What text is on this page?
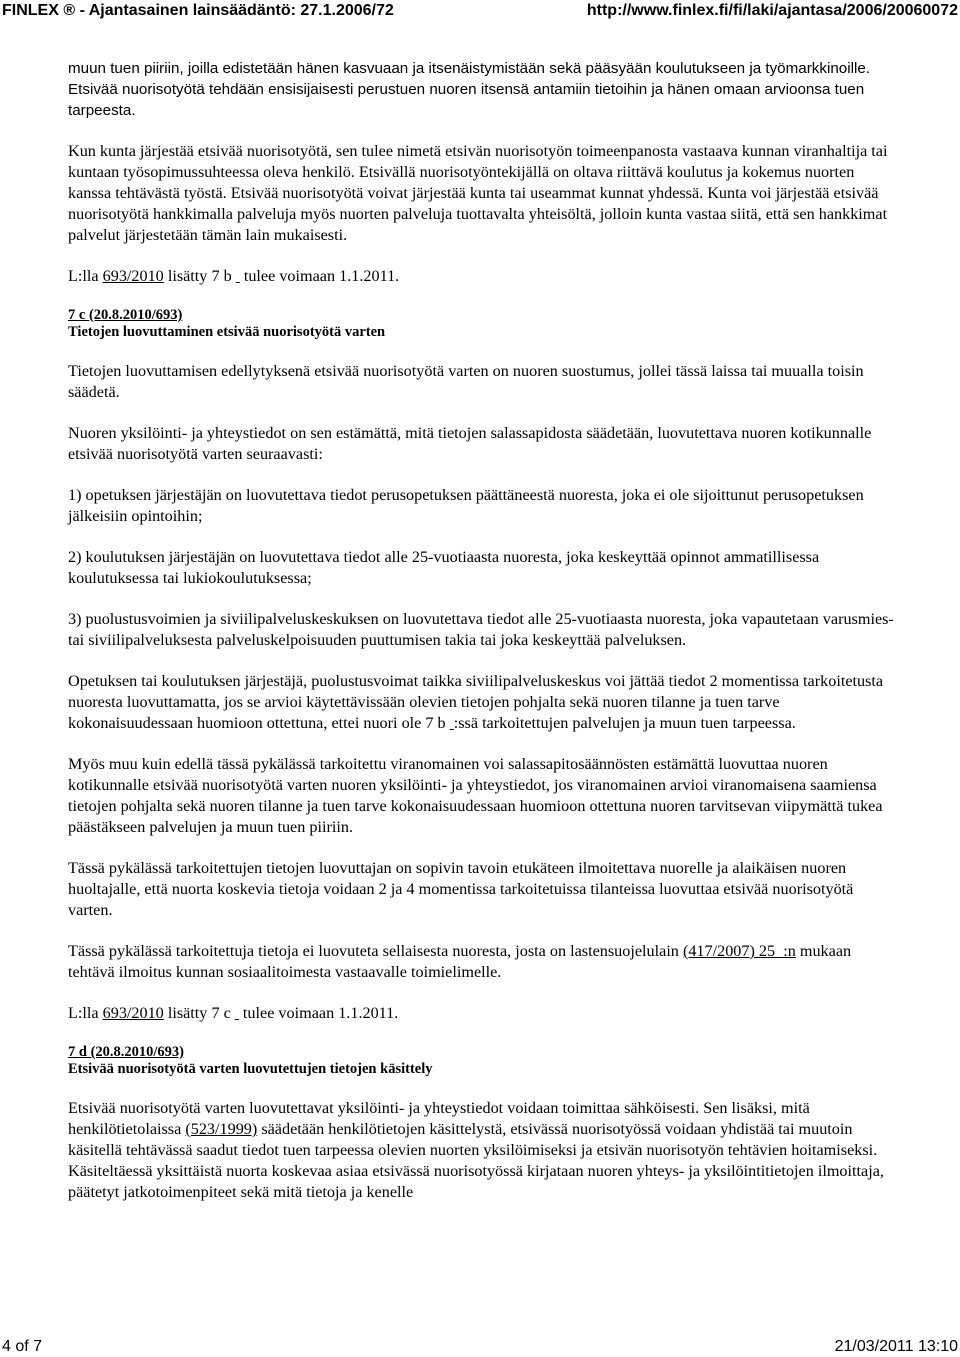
FINLEX ® - Ajantasainen lainsäädäntö: 27.1.2006/72	http://www.finlex.fi/fi/laki/ajantasa/2006/20060072

muun tuen piiriin, joilla edistetään hänen kasvuaan ja itsenäistymistään sekä pääsyään koulutukseen ja työmarkkinoille. Etsivää nuorisotyötä tehdään ensisijaisesti perustuen nuoren itsensä antamiin tietoihin ja hänen omaan arvioonsa tuen tarpeesta.

Kun kunta järjestää etsivää nuorisotyötä, sen tulee nimetä etsivän nuorisotyön toimeenpanosta vastaava kunnan viranhaltija tai kuntaan työsopimussuhteessa oleva henkilö. Etsivällä nuorisotyöntekijällä on oltava riittävä koulutus ja kokemus nuorten kanssa tehtävästä työstä. Etsivää nuorisotyötä voivat järjestää kunta tai useammat kunnat yhdessä. Kunta voi järjestää etsivää nuorisotyötä hankkimalla palveluja myös nuorten palveluja tuottavalta yhteisöltä, jolloin kunta vastaa siitä, että sen hankkimat palvelut järjestetään tämän lain mukaisesti.

L:lla 693/2010 lisätty 7 b   tulee voimaan 1.1.2011.

7 c (20.8.2010/693)
Tietojen luovuttaminen etsivää nuorisotyötä varten

Tietojen luovuttamisen edellytyksenä etsivää nuorisotyötä varten on nuoren suostumus, jollei tässä laissa tai muualla toisin säädetä.

Nuoren yksilöinti- ja yhteystiedot on sen estämättä, mitä tietojen salassapidosta säädetään, luovutettava nuoren kotikunnalle etsivää nuorisotyötä varten seuraavasti:

1) opetuksen järjestäjän on luovutettava tiedot perusopetuksen päättäneestä nuoresta, joka ei ole sijoittunut perusopetuksen jälkeisiin opintoihin;

2) koulutuksen järjestäjän on luovutettava tiedot alle 25-vuotiaasta nuoresta, joka keskeyttää opinnot ammatillisessa koulutuksessa tai lukiokoulutuksessa;

3) puolustusvoimien ja siviilipalveluskeskuksen on luovutettava tiedot alle 25-vuotiaasta nuoresta, joka vapautetaan varusmies- tai siviilipalveluksesta palveluskelpoisuuden puuttumisen takia tai joka keskeyttää palveluksen.

Opetuksen tai koulutuksen järjestäjä, puolustusvoimat taikka siviilipalveluskeskus voi jättää tiedot 2 momentissa tarkoitetusta nuoresta luovuttamatta, jos se arvioi käytettävissään olevien tietojen pohjalta sekä nuoren tilanne ja tuen tarve kokonaisuudessaan huomioon ottettuna, ettei nuori ole 7 b  :ssä tarkoitettujen palvelujen ja muun tuen tarpeessa.

Myös muu kuin edellä tässä pykälässä tarkoitettu viranomainen voi salassapitosäännösten estämättä luovuttaa nuoren kotikunnalle etsivää nuorisotyötä varten nuoren yksilöinti- ja yhteystiedot, jos viranomainen arvioi viranomaisena saamiensa tietojen pohjalta sekä nuoren tilanne ja tuen tarve kokonaisuudessaan huomioon ottettuna nuoren tarvitsevan viipymättä tukea päästäkseen palvelujen ja muun tuen piiriin.

Tässä pykälässä tarkoitettujen tietojen luovuttajan on sopivin tavoin etukäteen ilmoitettava nuorelle ja alaikäisen nuoren huoltajalle, että nuorta koskevia tietoja voidaan 2 ja 4 momentissa tarkoitetuissa tilanteissa luovuttaa etsivää nuorisotyötä varten.

Tässä pykälässä tarkoitettuja tietoja ei luovuteta sellaisesta nuoresta, josta on lastensuojelulain (417/2007) 25  :n mukaan tehtävä ilmoitus kunnan sosiaalitoimesta vastaavalle toimielimelle.

L:lla 693/2010 lisätty 7 c   tulee voimaan 1.1.2011.

7 d (20.8.2010/693)
Etsivää nuorisotyötä varten luovutettujen tietojen käsittely

Etsivää nuorisotyötä varten luovutettavat yksilöinti- ja yhteystiedot voidaan toimittaa sähköisesti. Sen lisäksi, mitä henkilötietolaissa (523/1999) säädetään henkilötietojen käsittelystä, etsivässä nuorisotyössä voidaan yhdistää tai muutoin käsitellä tehtävässä saadut tiedot tuen tarpeessa olevien nuorten yksilöimiseksi ja etsivän nuorisotyön tehtävien hoitamiseksi. Käsiteltäessä yksittäistä nuorta koskevaa asiaa etsivässä nuorisotyössä kirjataan nuoren yhteys- ja yksilöintitietojen ilmoittaja, päätetyt jatkotoimenpiteet sekä mitä tietoja ja kenelle

4 of 7	21/03/2011 13:10
